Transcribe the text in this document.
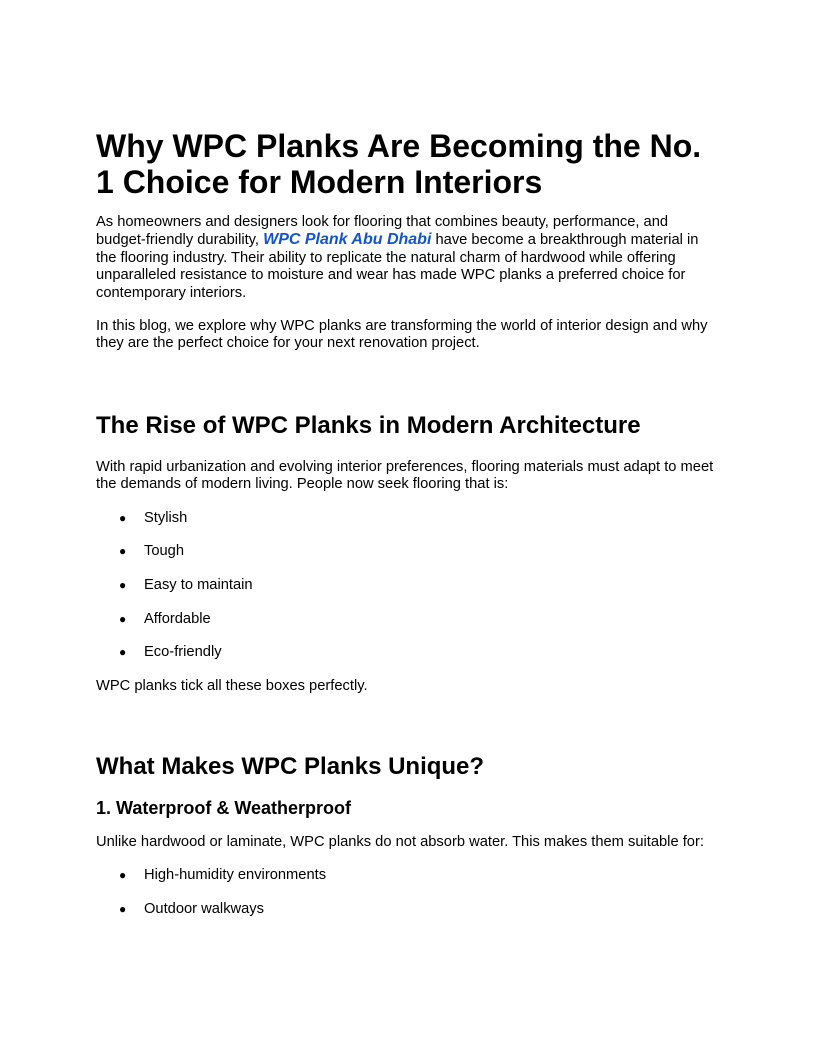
Why WPC Planks Are Becoming the No. 1 Choice for Modern Interiors

As homeowners and designers look for flooring that combines beauty, performance, and budget-friendly durability, WPC Plank Abu Dhabi have become a breakthrough material in the flooring industry. Their ability to replicate the natural charm of hardwood while offering unparalleled resistance to moisture and wear has made WPC planks a preferred choice for contemporary interiors.

In this blog, we explore why WPC planks are transforming the world of interior design and why they are the perfect choice for your next renovation project.

The Rise of WPC Planks in Modern Architecture

With rapid urbanization and evolving interior preferences, flooring materials must adapt to meet the demands of modern living. People now seek flooring that is:

● Stylish
● Tough
● Easy to maintain
● Affordable
● Eco-friendly

WPC planks tick all these boxes perfectly.

What Makes WPC Planks Unique?
1. Waterproof & Weatherproof

Unlike hardwood or laminate, WPC planks do not absorb water. This makes them suitable for:

● High-humidity environments
● Outdoor walkways
